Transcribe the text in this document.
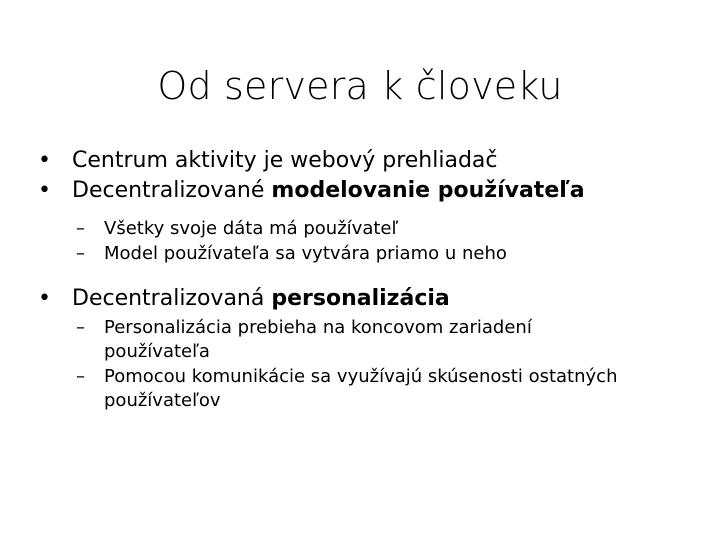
Od servera k človeku
• Centrum aktivity je webový prehliadač
• Decentralizované modelovanie používateľa
– Všetky svoje dáta má používateľ
– Model používateľa sa vytvára priamo u neho
• Decentralizovaná personalizácia
– Personalizácia prebieha na koncovom zariadení používateľa
– Pomocou komunikácie sa využívajú skúsenosti ostatných používateľov
